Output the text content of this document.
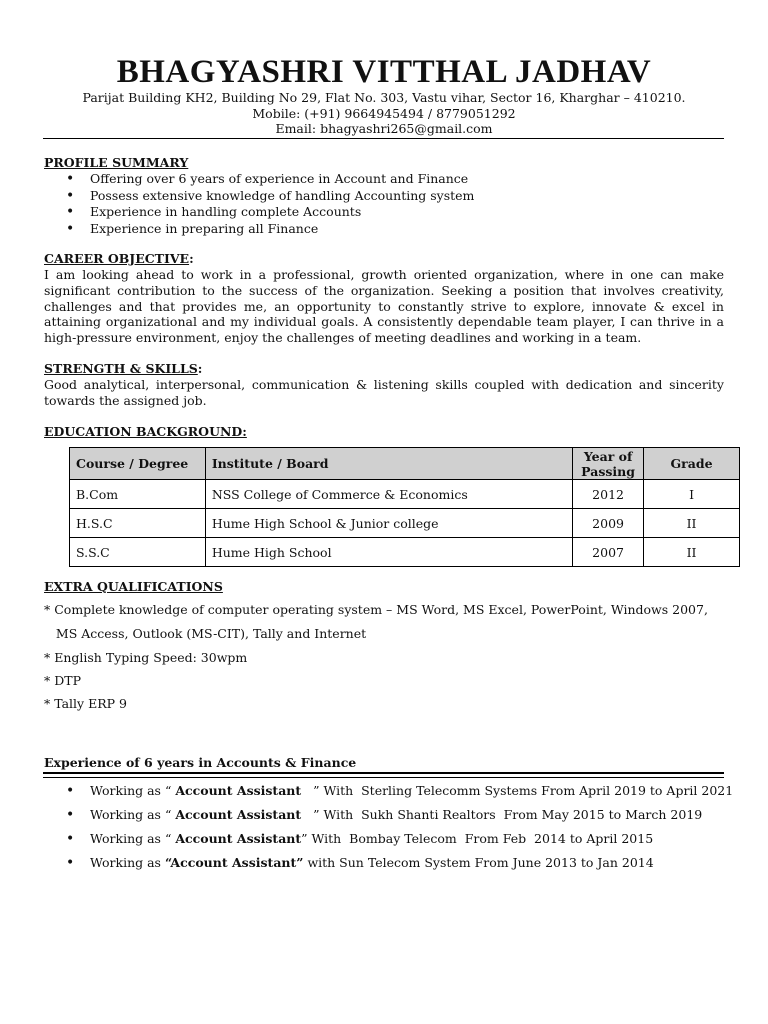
BHAGYASHRI VITTHAL JADHAV
Parijat Building KH2, Building No 29, Flat No. 303, Vastu vihar, Sector 16, Kharghar – 410210.
Mobile: (+91) 9664945494 / 8779051292
Email: bhagyashri265@gmail.com
PROFILE SUMMARY
• Offering over 6 years of experience in Account and Finance
• Possess extensive knowledge of handling Accounting system
• Experience in handling complete Accounts
• Experience in preparing all Finance
CAREER OBJECTIVE:

I am looking ahead to work in a professional, growth oriented organization, where in one can make significant contribution to the success of the organization. Seeking a position that involves creativity, challenges and that provides me, an opportunity to constantly strive to explore, innovate & excel in attaining organizational and my individual goals. A consistently dependable team player, I can thrive in a high-pressure environment, enjoy the challenges of meeting deadlines and working in a team.

STRENGTH & SKILLS:

Good analytical, interpersonal, communication & listening skills coupled with dedication and sincerity towards the assigned job.

EDUCATION BACKGROUND:
Course / Degree	Institute / Board	Year of Passing	Grade
B.Com	NSS College of Commerce & Economics	2012	I
H.S.C	Hume High School & Junior college	2009	II
S.S.C	Hume High School	2007	II
EXTRA QUALIFICATIONS
* Complete knowledge of computer operating system – MS Word, MS Excel, PowerPoint, Windows 2007,
MS Access, Outlook (MS-CIT), Tally and Internet
* English Typing Speed: 30wpm
* DTP
* Tally ERP 9
Experience of 6 years in Accounts & Finance
• Working as “ Account Assistant   ” With  Sterling Telecomm Systems From April 2019 to April 2021
• Working as “ Account Assistant   ” With  Sukh Shanti Realtors  From May 2015 to March 2019
• Working as “ Account Assistant” With  Bombay Telecom  From Feb  2014 to April 2015
• Working as “Account Assistant” with Sun Telecom System From June 2013 to Jan 2014
